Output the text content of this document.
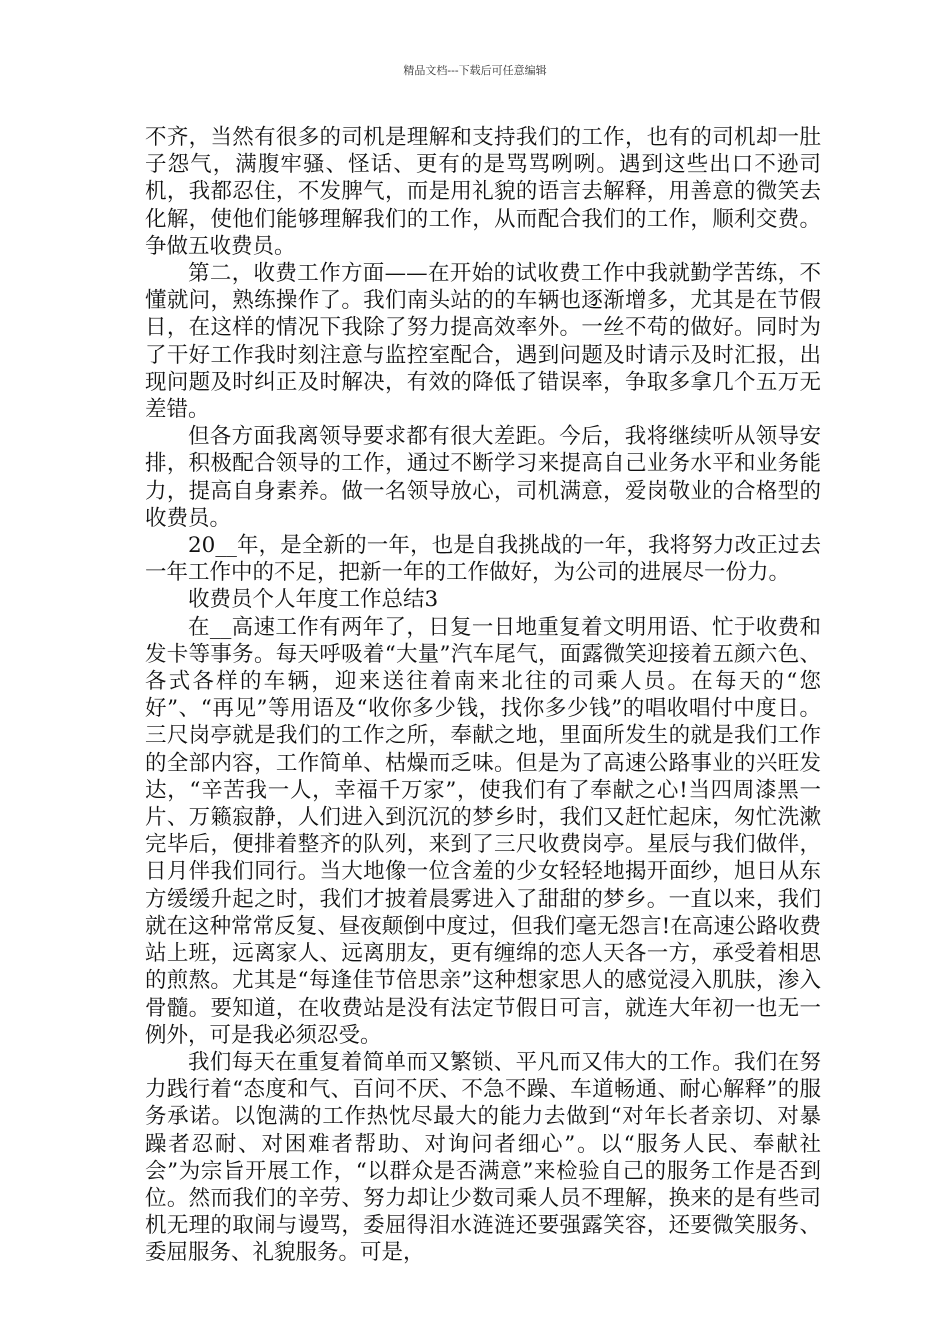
精品文档---下载后可任意编辑

不齐，当然有很多的司机是理解和支持我们的工作，也有的司机却一肚子怨气，满腹牢骚、怪话、更有的是骂骂咧咧。遇到这些出口不逊司机，我都忍住，不发脾气，而是用礼貌的语言去解释，用善意的微笑去化解，使他们能够理解我们的工作，从而配合我们的工作，顺利交费。争做五收费员。

第二，收费工作方面——在开始的试收费工作中我就勤学苦练，不懂就问，熟练操作了。我们南头站的的车辆也逐渐增多，尤其是在节假日，在这样的情况下我除了努力提高效率外。一丝不苟的做好。同时为了干好工作我时刻注意与监控室配合，遇到问题及时请示及时汇报，出现问题及时纠正及时解决，有效的降低了错误率，争取多拿几个五万无差错。

但各方面我离领导要求都有很大差距。今后，我将继续听从领导安排，积极配合领导的工作，通过不断学习来提高自己业务水平和业务能力，提高自身素养。做一名领导放心，司机满意，爱岗敬业的合格型的收费员。

20__年，是全新的一年，也是自我挑战的一年，我将努力改正过去一年工作中的不足，把新一年的工作做好，为公司的进展尽一份力。

收费员个人年度工作总结3

在__高速工作有两年了，日复一日地重复着文明用语、忙于收费和发卡等事务。每天呼吸着“大量”汽车尾气，面露微笑迎接着五颜六色、各式各样的车辆，迎来送往着南来北往的司乘人员。在每天的“您好”、“再见”等用语及“收你多少钱，找你多少钱”的唱收唱付中度日。三尺岗亭就是我们的工作之所，奉献之地，里面所发生的就是我们工作的全部内容，工作简单、枯燥而乏味。但是为了高速公路事业的兴旺发达，“辛苦我一人，幸福千万家”，使我们有了奉献之心!当四周漆黑一片、万籁寂静，人们进入到沉沉的梦乡时，我们又赶忙起床，匆忙洗漱完毕后，便排着整齐的队列，来到了三尺收费岗亭。星辰与我们做伴，日月伴我们同行。当大地像一位含羞的少女轻轻地揭开面纱，旭日从东方缓缓升起之时，我们才披着晨雾进入了甜甜的梦乡。一直以来，我们就在这种常常反复、昼夜颠倒中度过，但我们毫无怨言!在高速公路收费站上班，远离家人、远离朋友，更有缠绵的恋人天各一方，承受着相思的煎熬。尤其是“每逢佳节倍思亲”这种想家思人的感觉浸入肌肤，渗入骨髓。要知道，在收费站是没有法定节假日可言，就连大年初一也无一例外，可是我必须忍受。

我们每天在重复着简单而又繁锁、平凡而又伟大的工作。我们在努力践行着“态度和气、百问不厌、不急不躁、车道畅通、耐心解释”的服务承诺。以饱满的工作热忱尽最大的能力去做到“对年长者亲切、对暴躁者忍耐、对困难者帮助、对询问者细心”。以“服务人民、奉献社会”为宗旨开展工作，“以群众是否满意”来检验自己的服务工作是否到位。然而我们的辛劳、努力却让少数司乘人员不理解，换来的是有些司机无理的取闹与谩骂，委屈得泪水涟涟还要强露笑容，还要微笑服务、委屈服务、礼貌服务。可是，
